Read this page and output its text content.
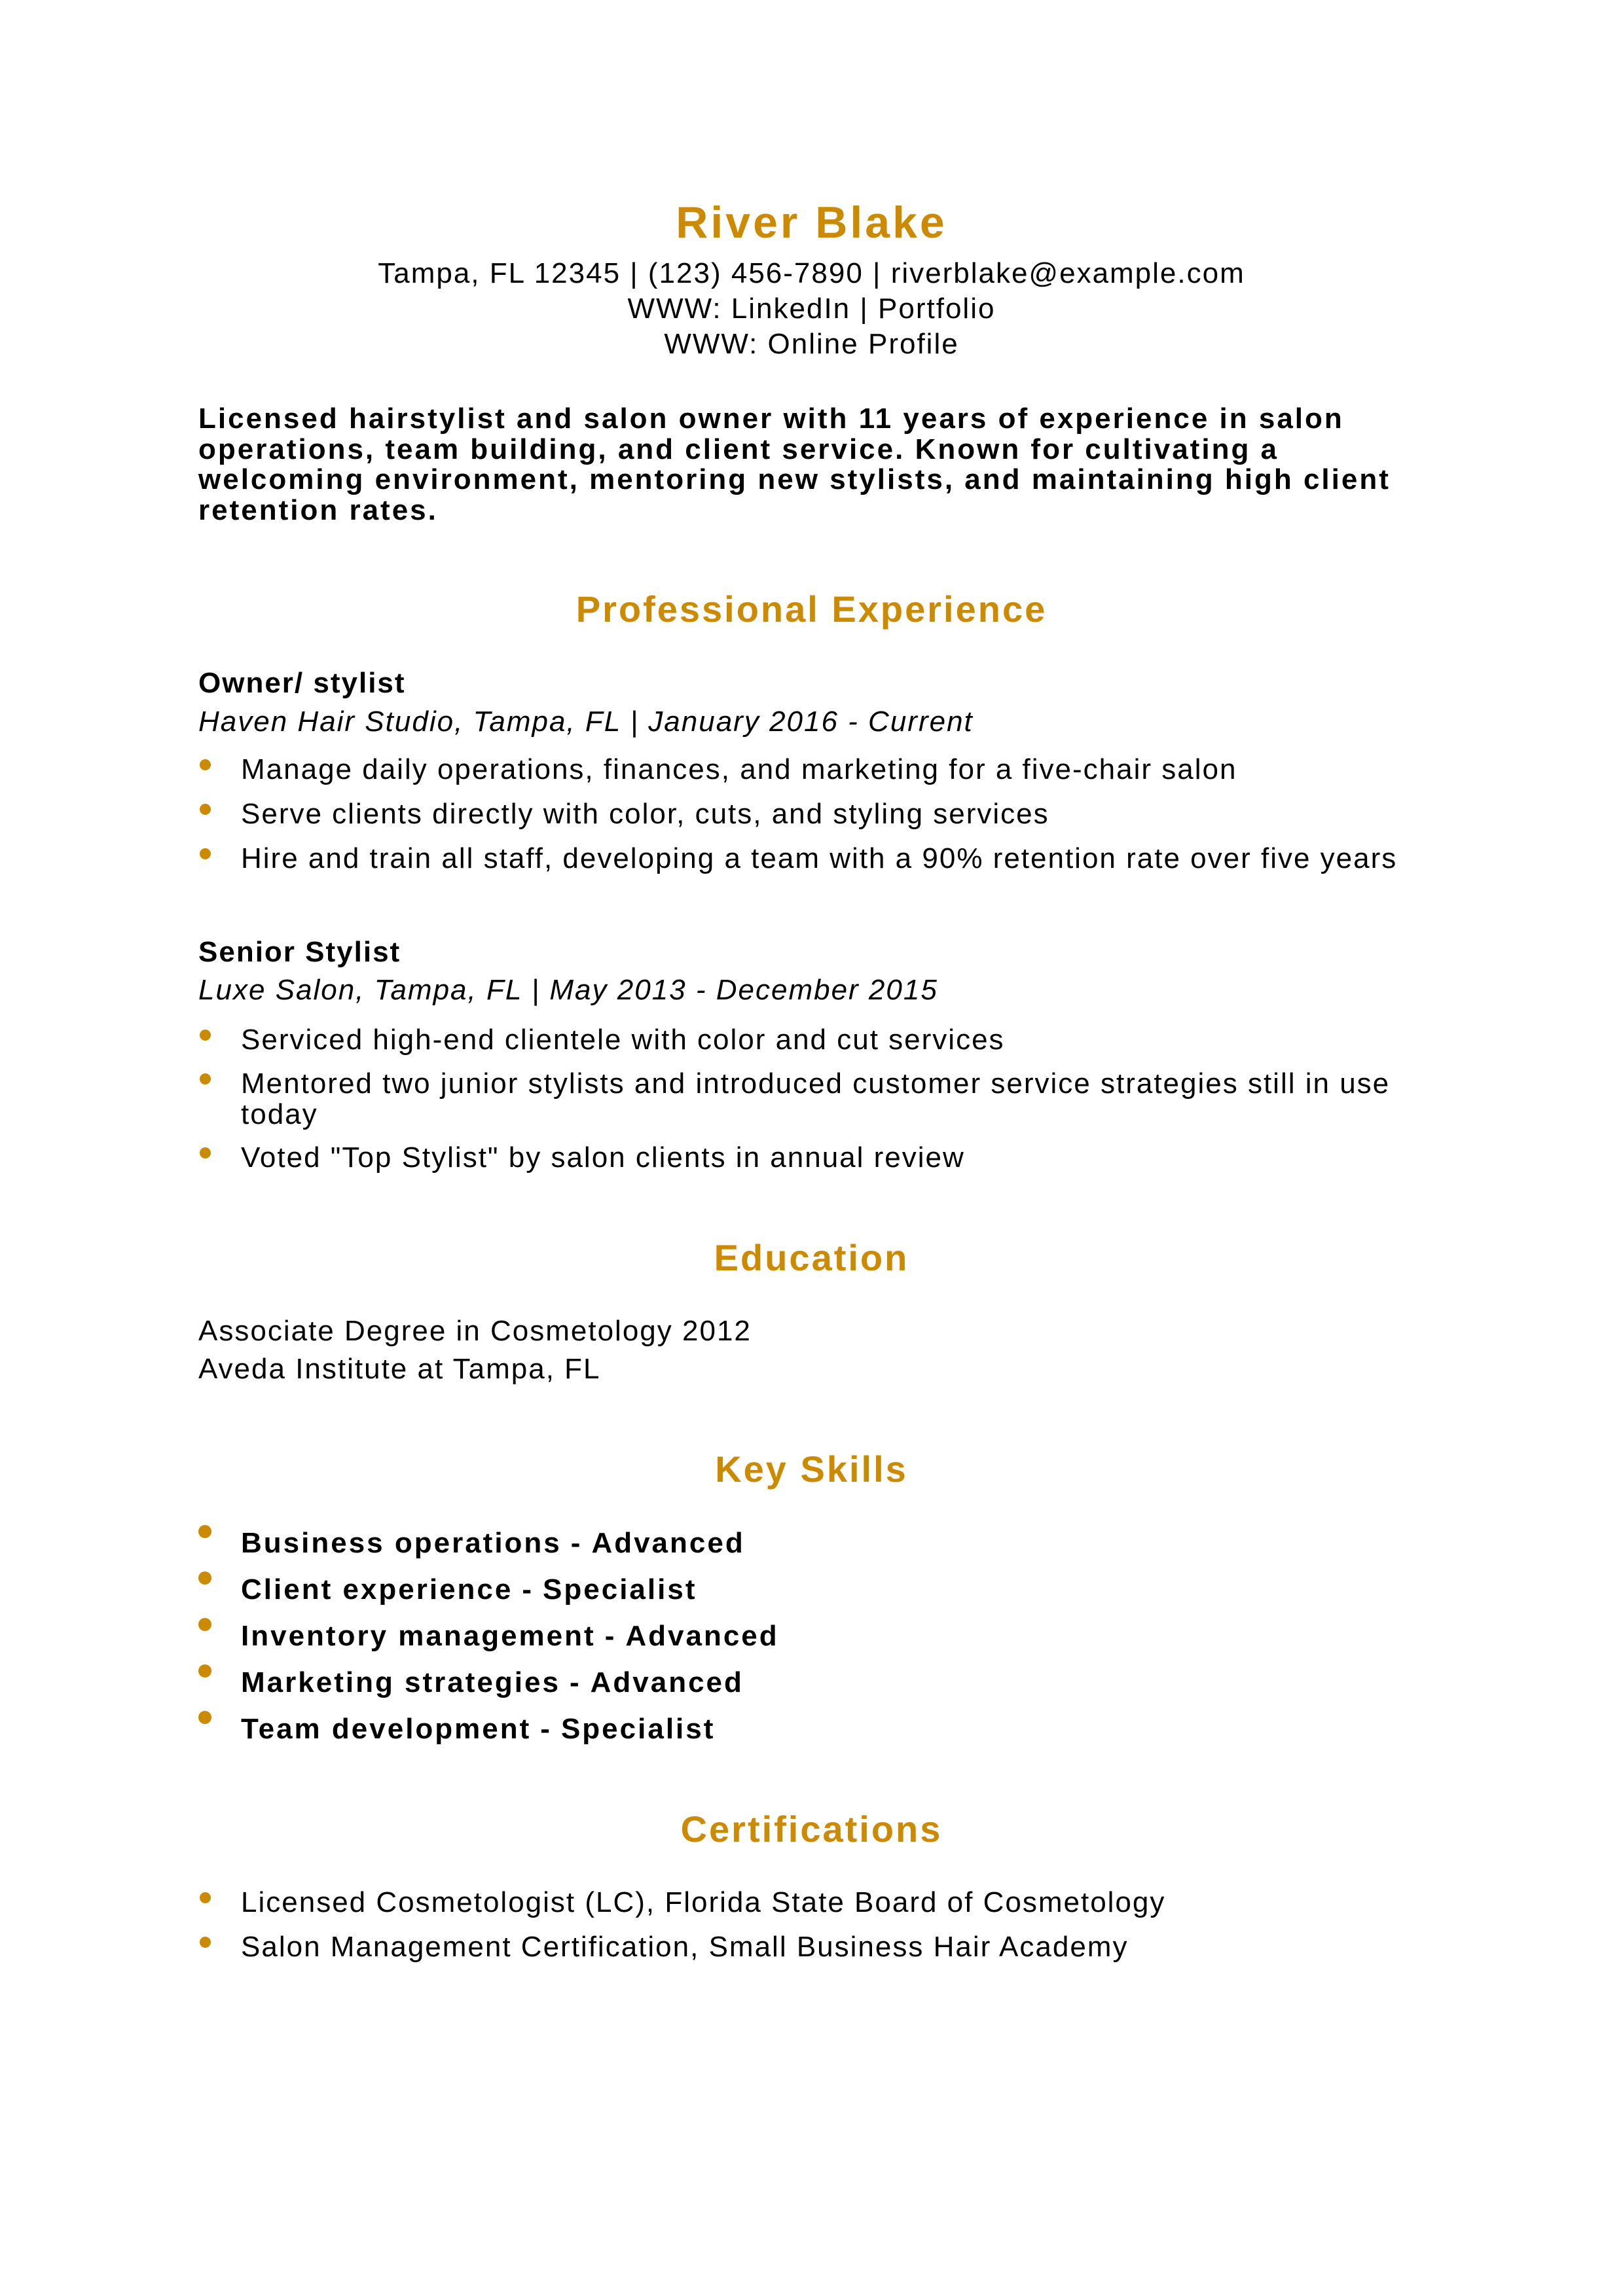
River Blake
Tampa, FL 12345 | (123) 456-7890 | riverblake@example.com
WWW: LinkedIn | Portfolio
WWW: Online Profile
Licensed hairstylist and salon owner with 11 years of experience in salon operations, team building, and client service. Known for cultivating a welcoming environment, mentoring new stylists, and maintaining high client retention rates.
Professional Experience
Owner/ stylist
Haven Hair Studio, Tampa, FL | January 2016 - Current
Manage daily operations, finances, and marketing for a five-chair salon
Serve clients directly with color, cuts, and styling services
Hire and train all staff, developing a team with a 90% retention rate over five years
Senior Stylist
Luxe Salon, Tampa, FL | May 2013 - December 2015
Serviced high-end clientele with color and cut services
Mentored two junior stylists and introduced customer service strategies still in use today
Voted "Top Stylist" by salon clients in annual review
Education
Associate Degree in Cosmetology 2012
Aveda Institute at Tampa, FL
Key Skills
Business operations - Advanced
Client experience - Specialist
Inventory management - Advanced
Marketing strategies - Advanced
Team development - Specialist
Certifications
Licensed Cosmetologist (LC), Florida State Board of Cosmetology
Salon Management Certification, Small Business Hair Academy
